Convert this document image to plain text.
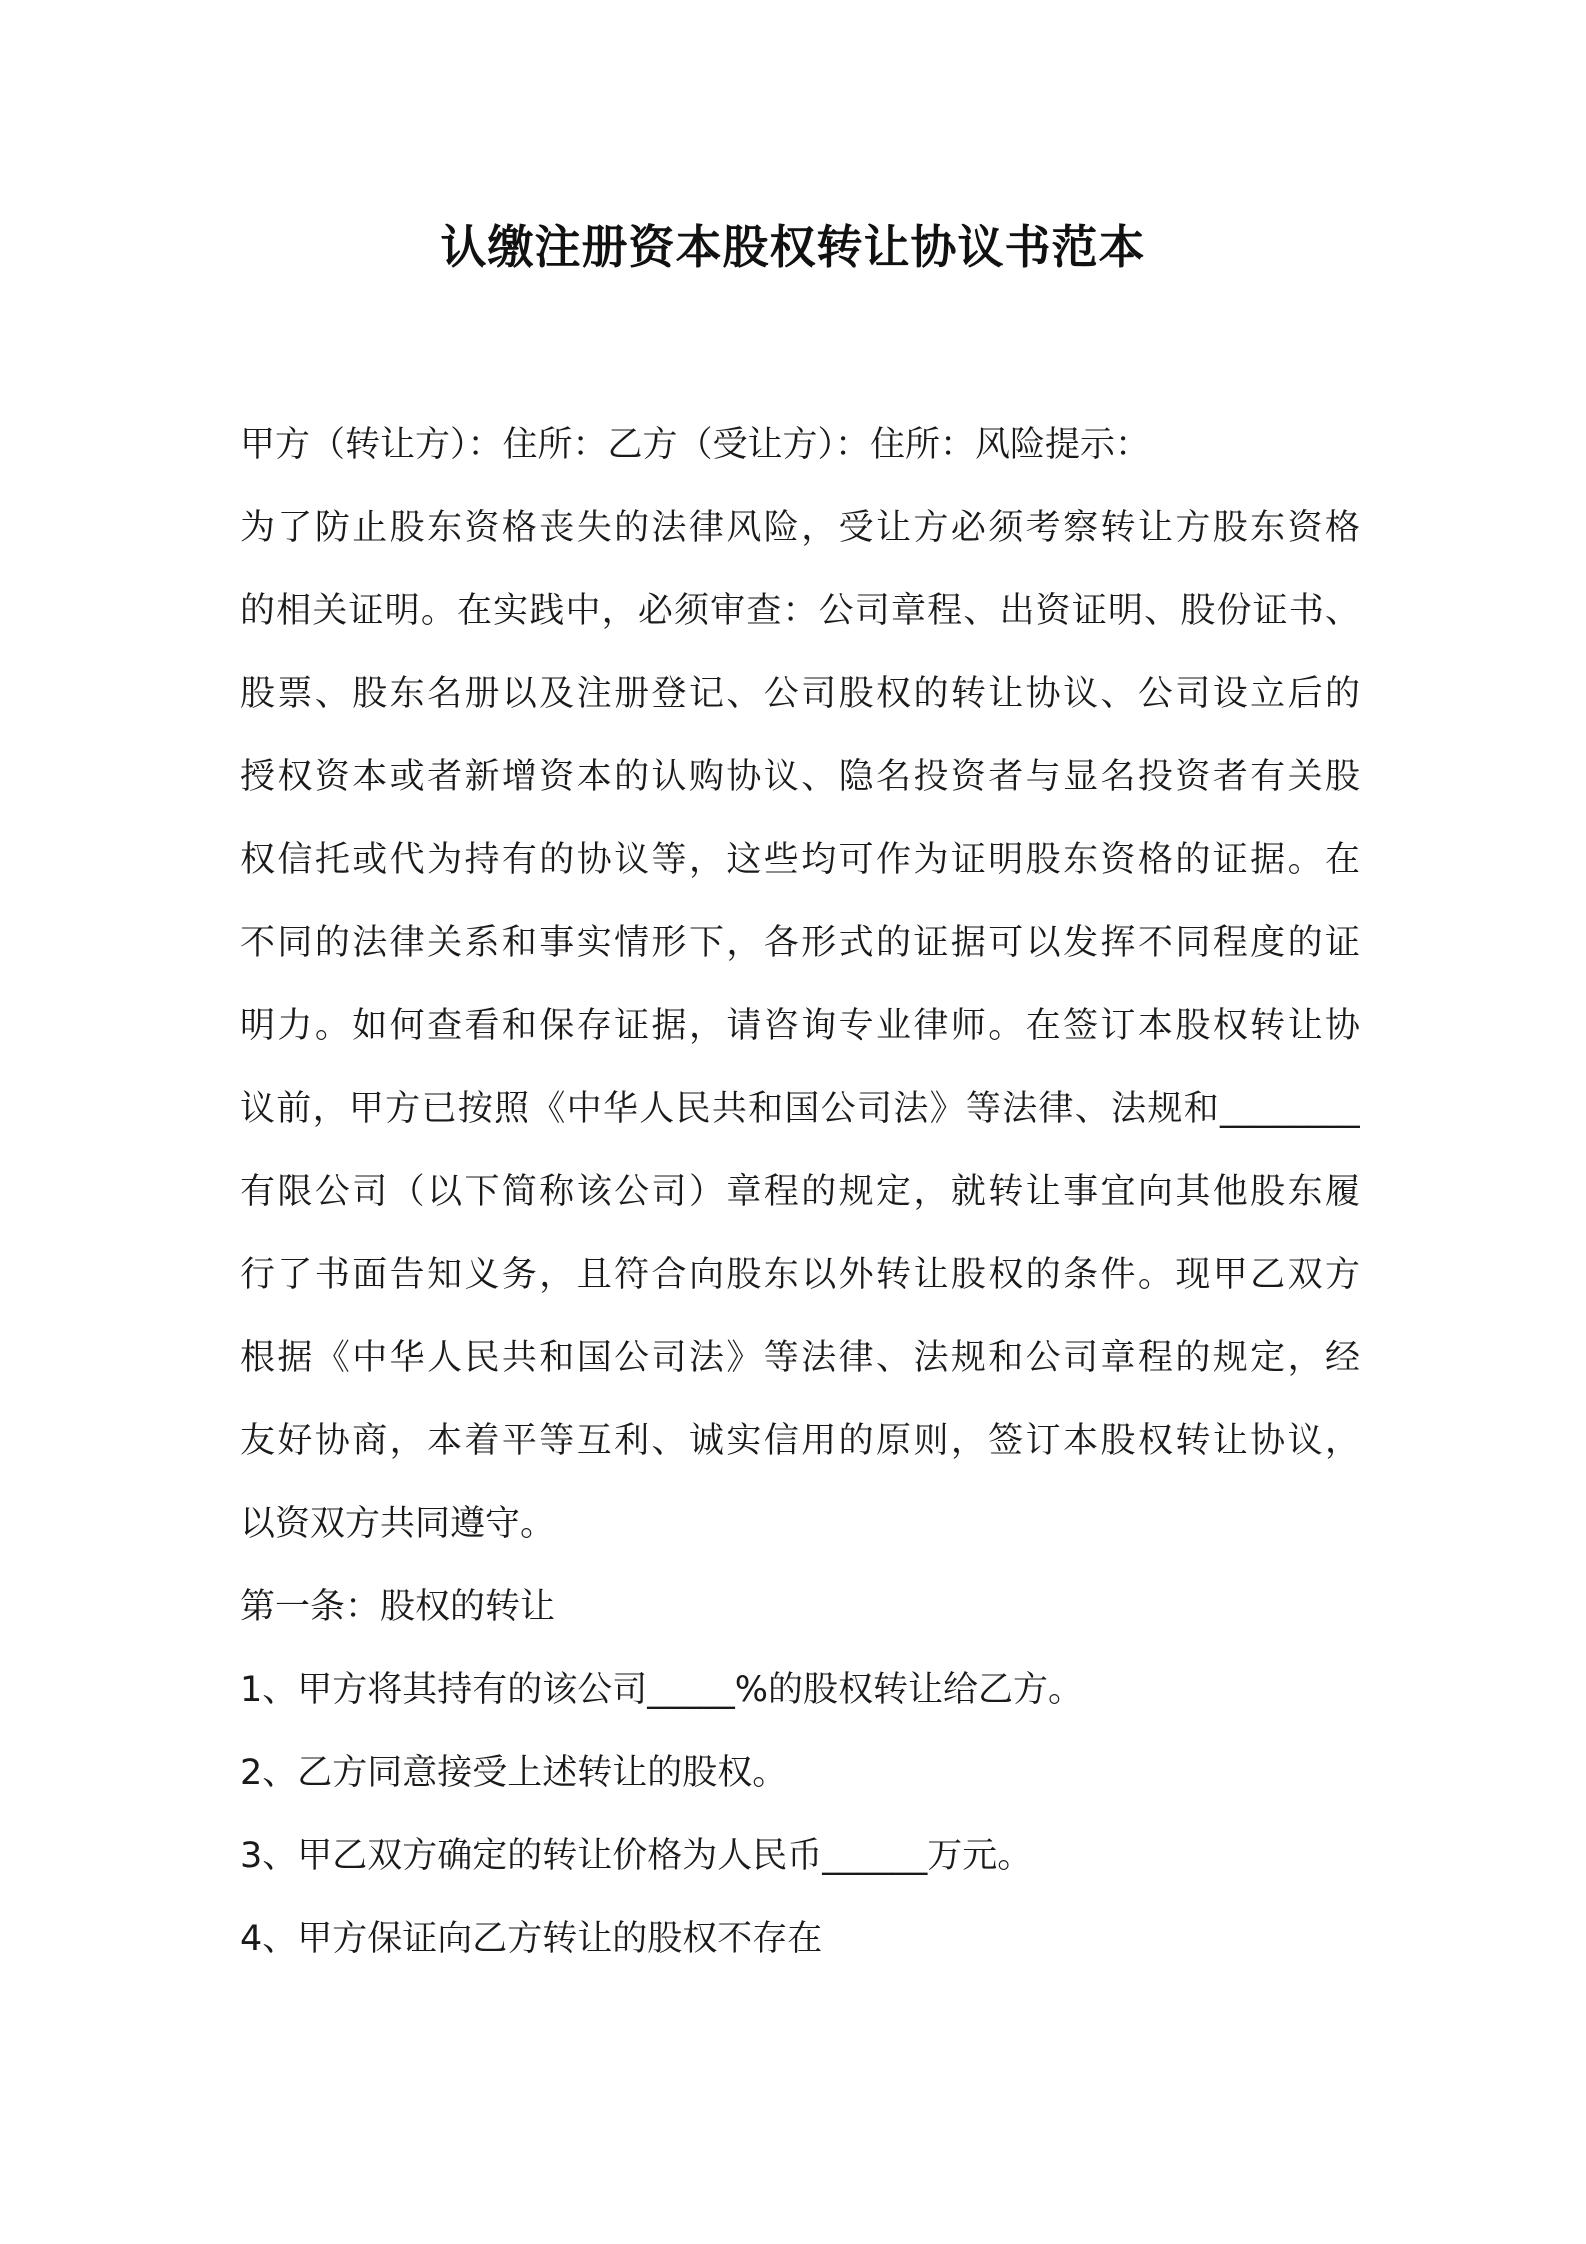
认缴注册资本股权转让协议书范本
甲方（转让方）：住所：乙方（受让方）：住所：风险提示：
为了防止股东资格丧失的法律风险，受让方必须考察转让方股东资格
的相关证明。在实践中，必须审查：公司章程、出资证明、股份证书、
股票、股东名册以及注册登记、公司股权的转让协议、公司设立后的
授权资本或者新增资本的认购协议、隐名投资者与显名投资者有关股
权信托或代为持有的协议等，这些均可作为证明股东资格的证据。在
不同的法律关系和事实情形下，各形式的证据可以发挥不同程度的证
明力。如何查看和保存证据，请咨询专业律师。在签订本股权转让协
议前，甲方已按照《中华人民共和国公司法》等法律、法规和________
有限公司（以下简称该公司）章程的规定，就转让事宜向其他股东履
行了书面告知义务，且符合向股东以外转让股权的条件。现甲乙双方
根据《中华人民共和国公司法》等法律、法规和公司章程的规定，经
友好协商，本着平等互利、诚实信用的原则，签订本股权转让协议，
以资双方共同遵守。
第一条：股权的转让
1、甲方将其持有的该公司_____%的股权转让给乙方。
2、乙方同意接受上述转让的股权。
3、甲乙双方确定的转让价格为人民币______万元。
4、甲方保证向乙方转让的股权不存在
